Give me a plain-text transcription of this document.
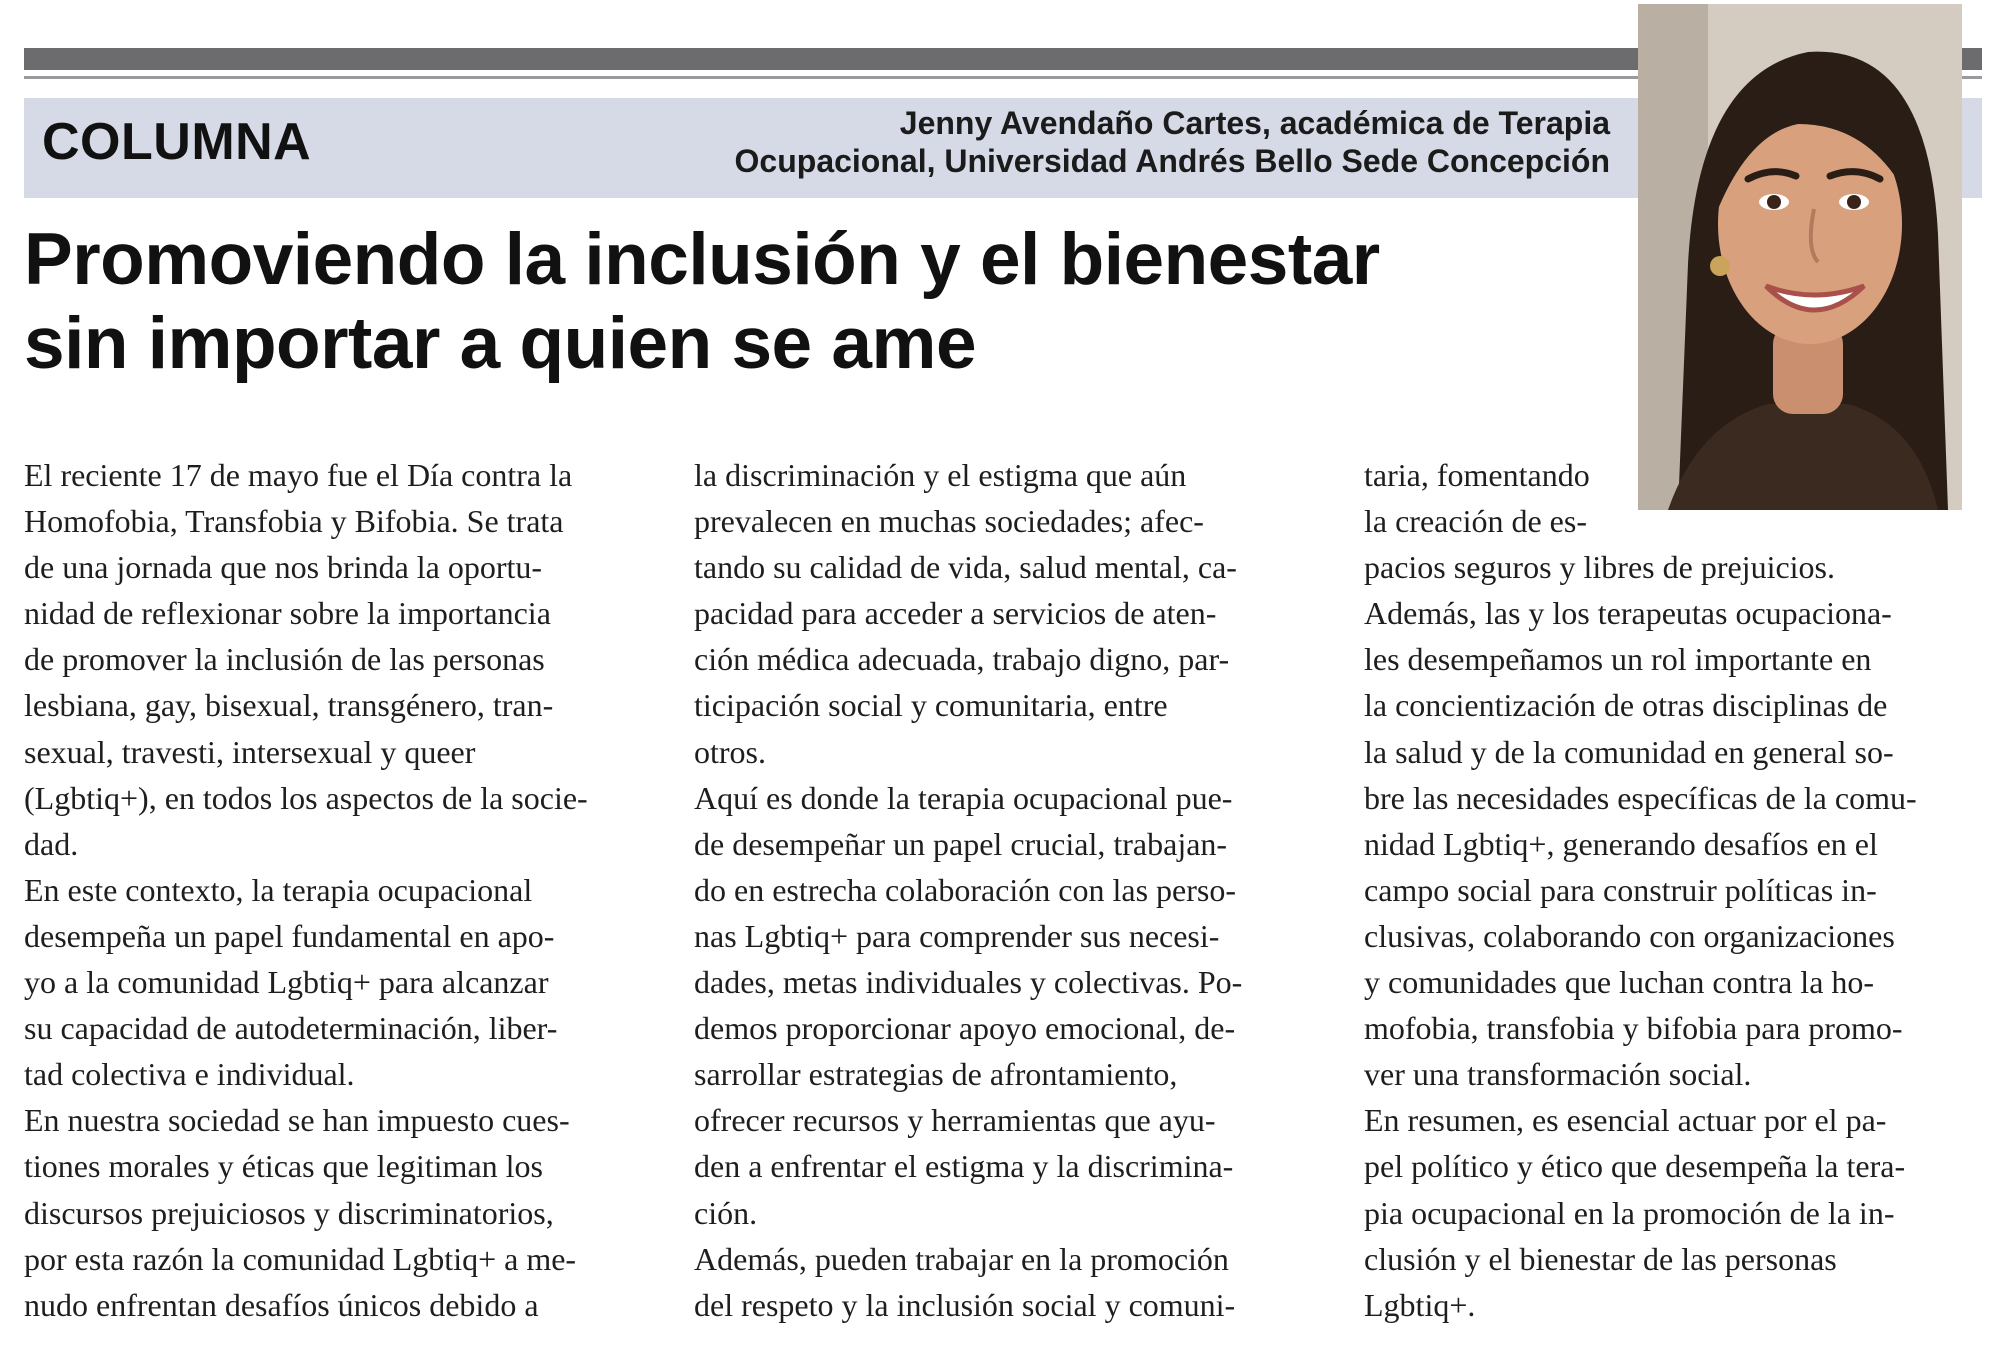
COLUMNA	Jenny Avendaño Cartes, académica de Terapia
Ocupacional, Universidad Andrés Bello Sede Concepción
Promoviendo la inclusión y el bienestar
sin importar a quien se ame

El reciente 17 de mayo fue el Día contra la
Homofobia, Transfobia y Bifobia. Se trata
de una jornada que nos brinda la oportu-
nidad de reflexionar sobre la importancia
de promover la inclusión de las personas
lesbiana, gay, bisexual, transgénero, tran-
sexual, travesti, intersexual y queer
(Lgbtiq+), en todos los aspectos de la socie-
dad.
En este contexto, la terapia ocupacional
desempeña un papel fundamental en apo-
yo a la comunidad Lgbtiq+ para alcanzar
su capacidad de autodeterminación, liber-
tad colectiva e individual.
En nuestra sociedad se han impuesto cues-
tiones morales y éticas que legitiman los
discursos prejuiciosos y discriminatorios,
por esta razón la comunidad Lgbtiq+ a me-
nudo enfrentan desafíos únicos debido a

la discriminación y el estigma que aún
prevalecen en muchas sociedades; afec-
tando su calidad de vida, salud mental, ca-
pacidad para acceder a servicios de aten-
ción médica adecuada, trabajo digno, par-
ticipación social y comunitaria, entre
otros.
Aquí es donde la terapia ocupacional pue-
de desempeñar un papel crucial, trabajan-
do en estrecha colaboración con las perso-
nas Lgbtiq+ para comprender sus necesi-
dades, metas individuales y colectivas. Po-
demos proporcionar apoyo emocional, de-
sarrollar estrategias de afrontamiento,
ofrecer recursos y herramientas que ayu-
den a enfrentar el estigma y la discrimina-
ción.
Además, pueden trabajar en la promoción
del respeto y la inclusión social y comuni-

taria, fomentando
la creación de es-
pacios seguros y libres de prejuicios.
Además, las y los terapeutas ocupaciona-
les desempeñamos un rol importante en
la concientización de otras disciplinas de
la salud y de la comunidad en general so-
bre las necesidades específicas de la comu-
nidad Lgbtiq+, generando desafíos en el
campo social para construir políticas in-
clusivas, colaborando con organizaciones
y comunidades que luchan contra la ho-
mofobia, transfobia y bifobia para promo-
ver una transformación social.
En resumen, es esencial actuar por el pa-
pel político y ético que desempeña la tera-
pia ocupacional en la promoción de la in-
clusión y el bienestar de las personas
Lgbtiq+.
